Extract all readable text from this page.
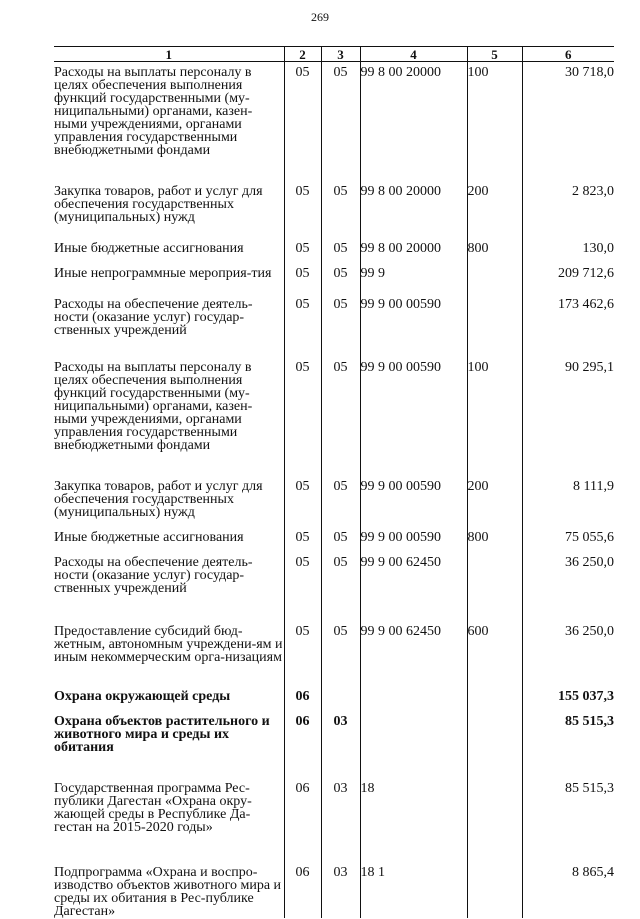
269
1	2	3	4	5	6
Расходы на выплаты персоналу в целях обеспечения выполнения функций государственными (му-ниципальными) органами, казен-ными учреждениями, органами управления государственными внебюджетными фондами	05	05	99 8 00 20000	100	30 718,0
Закупка товаров, работ и услуг для обеспечения государственных (муниципальных) нужд	05	05	99 8 00 20000	200	2 823,0
Иные бюджетные ассигнования	05	05	99 8 00 20000	800	130,0
Иные непрограммные мероприя-тия	05	05	99 9		209 712,6
Расходы на обеспечение деятель-ности (оказание услуг) государ-ственных учреждений	05	05	99 9 00 00590		173 462,6
Расходы на выплаты персоналу в целях обеспечения выполнения функций государственными (му-ниципальными) органами, казен-ными учреждениями, органами управления государственными внебюджетными фондами	05	05	99 9 00 00590	100	90 295,1
Закупка товаров, работ и услуг для обеспечения государственных (муниципальных) нужд	05	05	99 9 00 00590	200	8 111,9
Иные бюджетные ассигнования	05	05	99 9 00 00590	800	75 055,6
Расходы на обеспечение деятель-ности (оказание услуг) государ-ственных учреждений	05	05	99 9 00 62450		36 250,0
Предоставление субсидий бюд-жетным, автономным учреждени-ям и иным некоммерческим орга-низациям	05	05	99 9 00 62450	600	36 250,0
Охрана окружающей среды	06				155 037,3
Охрана объектов растительного и животного мира и среды их обитания	06	03			85 515,3
Государственная программа Рес-публики Дагестан «Охрана окру-жающей среды в Республике Да-гестан на 2015-2020 годы»	06	03	18		85 515,3
Подпрограмма «Охрана и воспро-изводство объектов животного мира и среды их обитания в Рес-публике Дагестан»	06	03	18 1		8 865,4
